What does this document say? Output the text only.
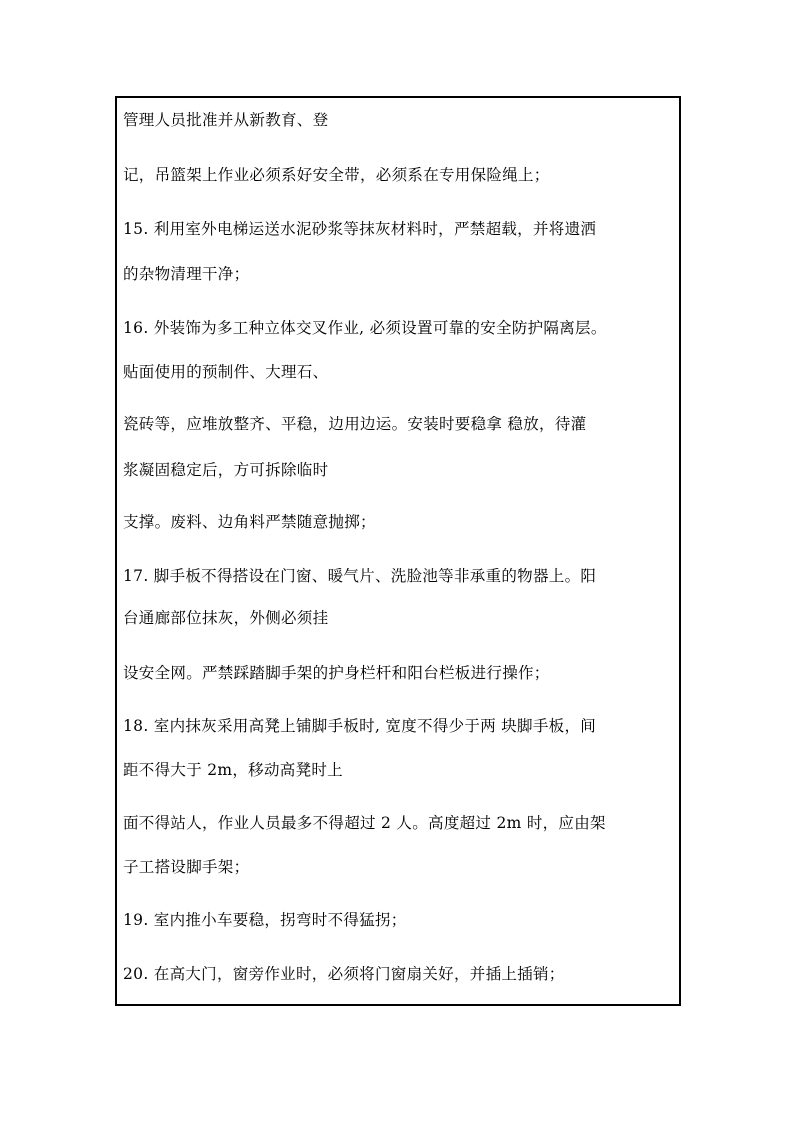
管理人员批准并从新教育、登
记，吊篮架上作业必须系好安全带，必须系在专用保险绳上；
15. 利用室外电梯运送水泥砂浆等抹灰材料时，严禁超载，并将遗洒
的杂物清理干净；
16. 外装饰为多工种立体交叉作业, 必须设置可靠的安全防护隔离层。
贴面使用的预制件、大理石、
瓷砖等，应堆放整齐、平稳，边用边运。安装时要稳拿 稳放，待灌
浆凝固稳定后，方可拆除临时
支撑。废料、边角料严禁随意抛掷；
17. 脚手板不得搭设在门窗、暖气片、洗脸池等非承重的物器上。阳
台通廊部位抹灰，外侧必须挂
设安全网。严禁踩踏脚手架的护身栏杆和阳台栏板进行操作；
18. 室内抹灰采用高凳上铺脚手板时, 宽度不得少于两 块脚手板，间
距不得大于 2m，移动高凳时上
面不得站人，作业人员最多不得超过 2 人。高度超过 2m 时，应由架
子工搭设脚手架；
19. 室内推小车要稳，拐弯时不得猛拐；
20. 在高大门，窗旁作业时，必须将门窗扇关好，并插上插销；
